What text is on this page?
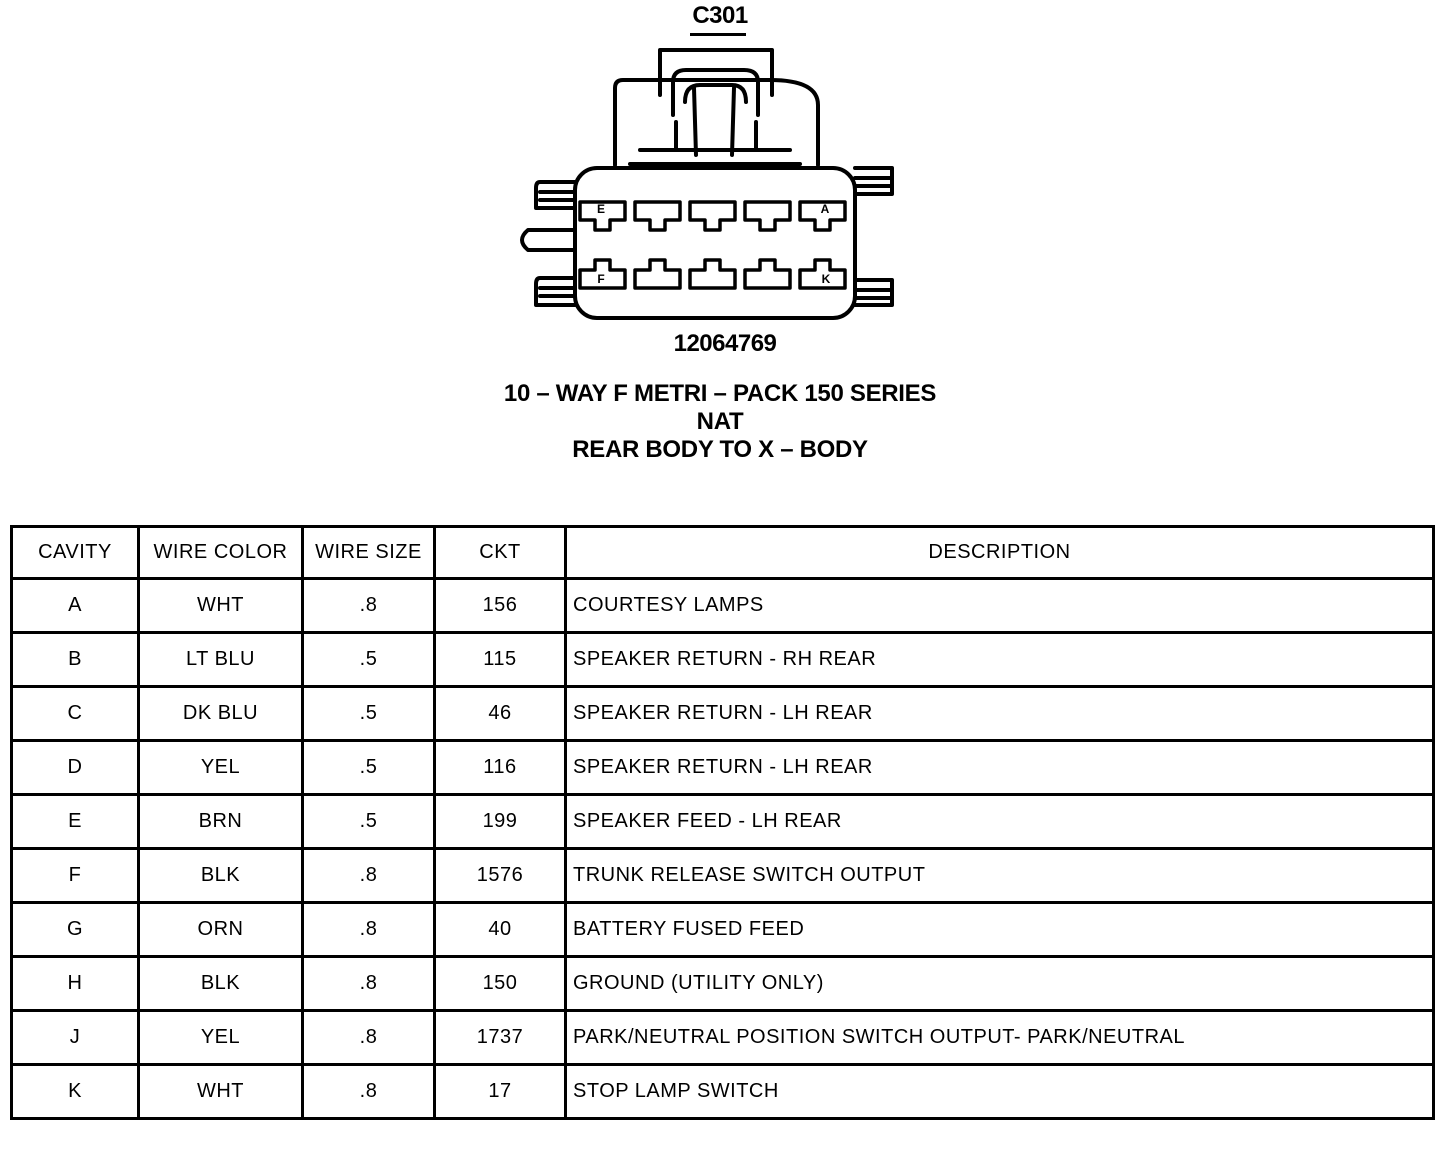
C301
E	A
F	K
12064769
10 – WAY F METRI – PACK 150 SERIES
NAT
REAR BODY TO X – BODY
CAVITY	WIRE COLOR	WIRE SIZE	CKT	DESCRIPTION
A	WHT	.8	156	COURTESY LAMPS
B	LT BLU	.5	115	SPEAKER RETURN - RH REAR
C	DK BLU	.5	46	SPEAKER RETURN - LH REAR
D	YEL	.5	116	SPEAKER RETURN - LH REAR
E	BRN	.5	199	SPEAKER FEED - LH REAR
F	BLK	.8	1576	TRUNK RELEASE SWITCH OUTPUT
G	ORN	.8	40	BATTERY FUSED FEED
H	BLK	.8	150	GROUND (UTILITY ONLY)
J	YEL	.8	1737	PARK/NEUTRAL POSITION SWITCH OUTPUT- PARK/NEUTRAL
K	WHT	.8	17	STOP LAMP SWITCH
